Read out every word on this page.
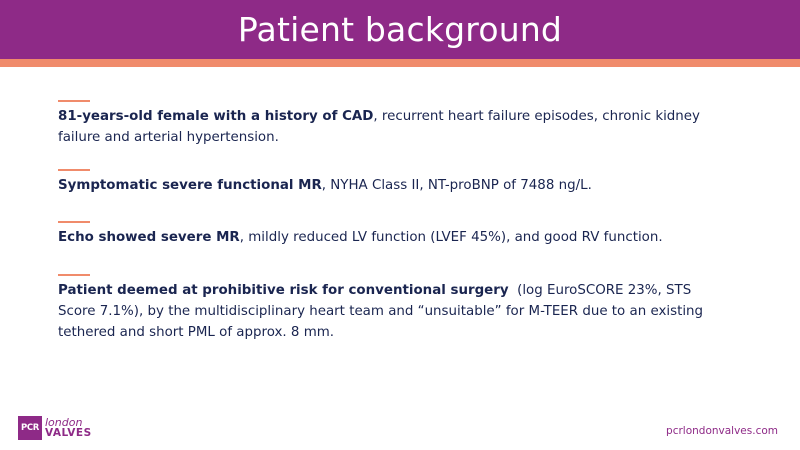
Patient background

81-years-old female with a history of CAD, recurrent heart failure episodes, chronic kidney failure and arterial hypertension.

Symptomatic severe functional MR, NYHA Class II, NT-proBNP of 7488 ng/L.

Echo showed severe MR, mildly reduced LV function (LVEF 45%), and good RV function.

Patient deemed at prohibitive risk for conventional surgery  (log EuroSCORE 23%, STS Score 7.1%), by the multidisciplinary heart team and “unsuitable” for M-TEER due to an existing tethered and short PML of approx. 8 mm.

PCR london
VALVES	pcrlondonvalves.com
